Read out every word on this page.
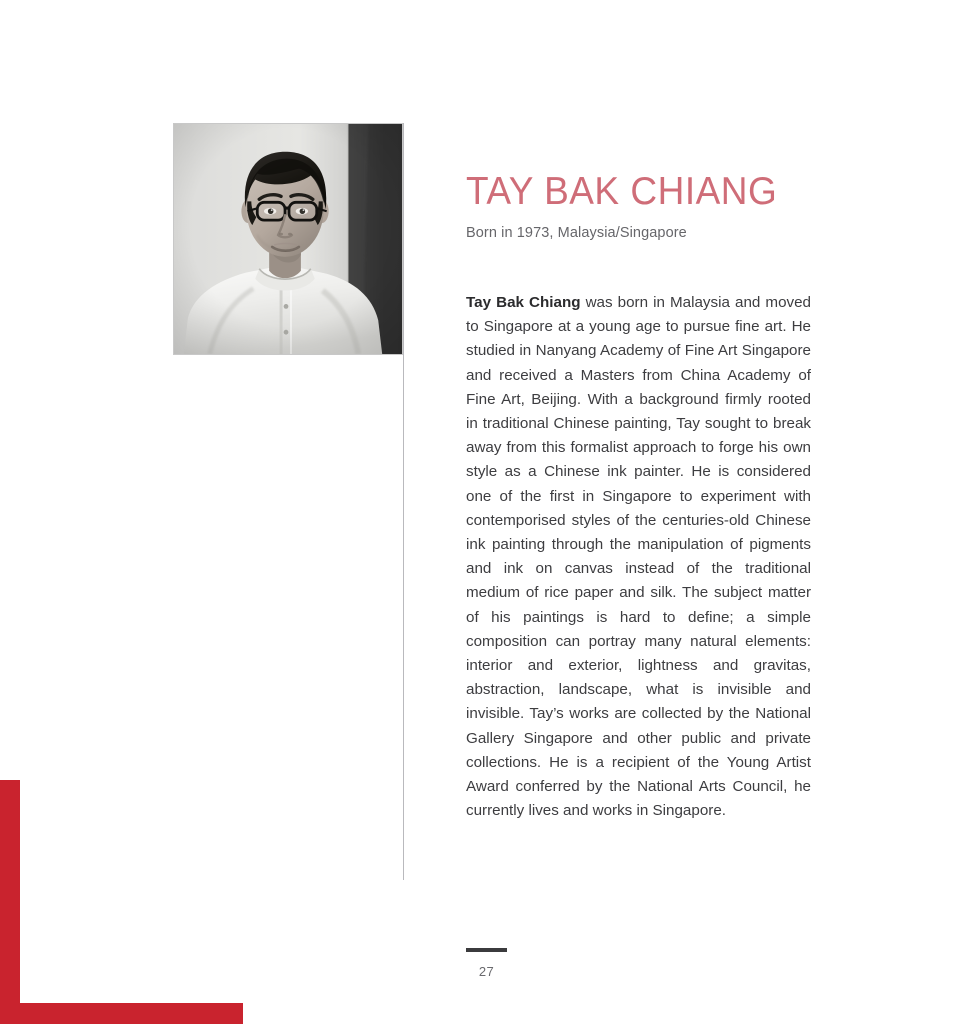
TAY BAK CHIANG

Born in 1973, Malaysia/Singapore

Tay Bak Chiang was born in Malaysia and moved to Singapore at a young age to pursue fine art. He studied in Nanyang Academy of Fine Art Singapore and received a Masters from China Academy of Fine Art, Beijing. With a background firmly rooted in traditional Chinese painting, Tay sought to break away from this formalist approach to forge his own style as a Chinese ink painter. He is considered one of the first in Singapore to experiment with contemporised styles of the centuries-old Chinese ink painting through the manipulation of pigments and ink on canvas instead of the traditional medium of rice paper and silk. The subject matter of his paintings is hard to define; a simple composition can portray many natural elements: interior and exterior, lightness and gravitas, abstraction, landscape, what is invisible and invisible. Tay’s works are collected by the National Gallery Singapore and other public and private collections. He is a recipient of the Young Artist Award conferred by the National Arts Council, he currently lives and works in Singapore.

27
